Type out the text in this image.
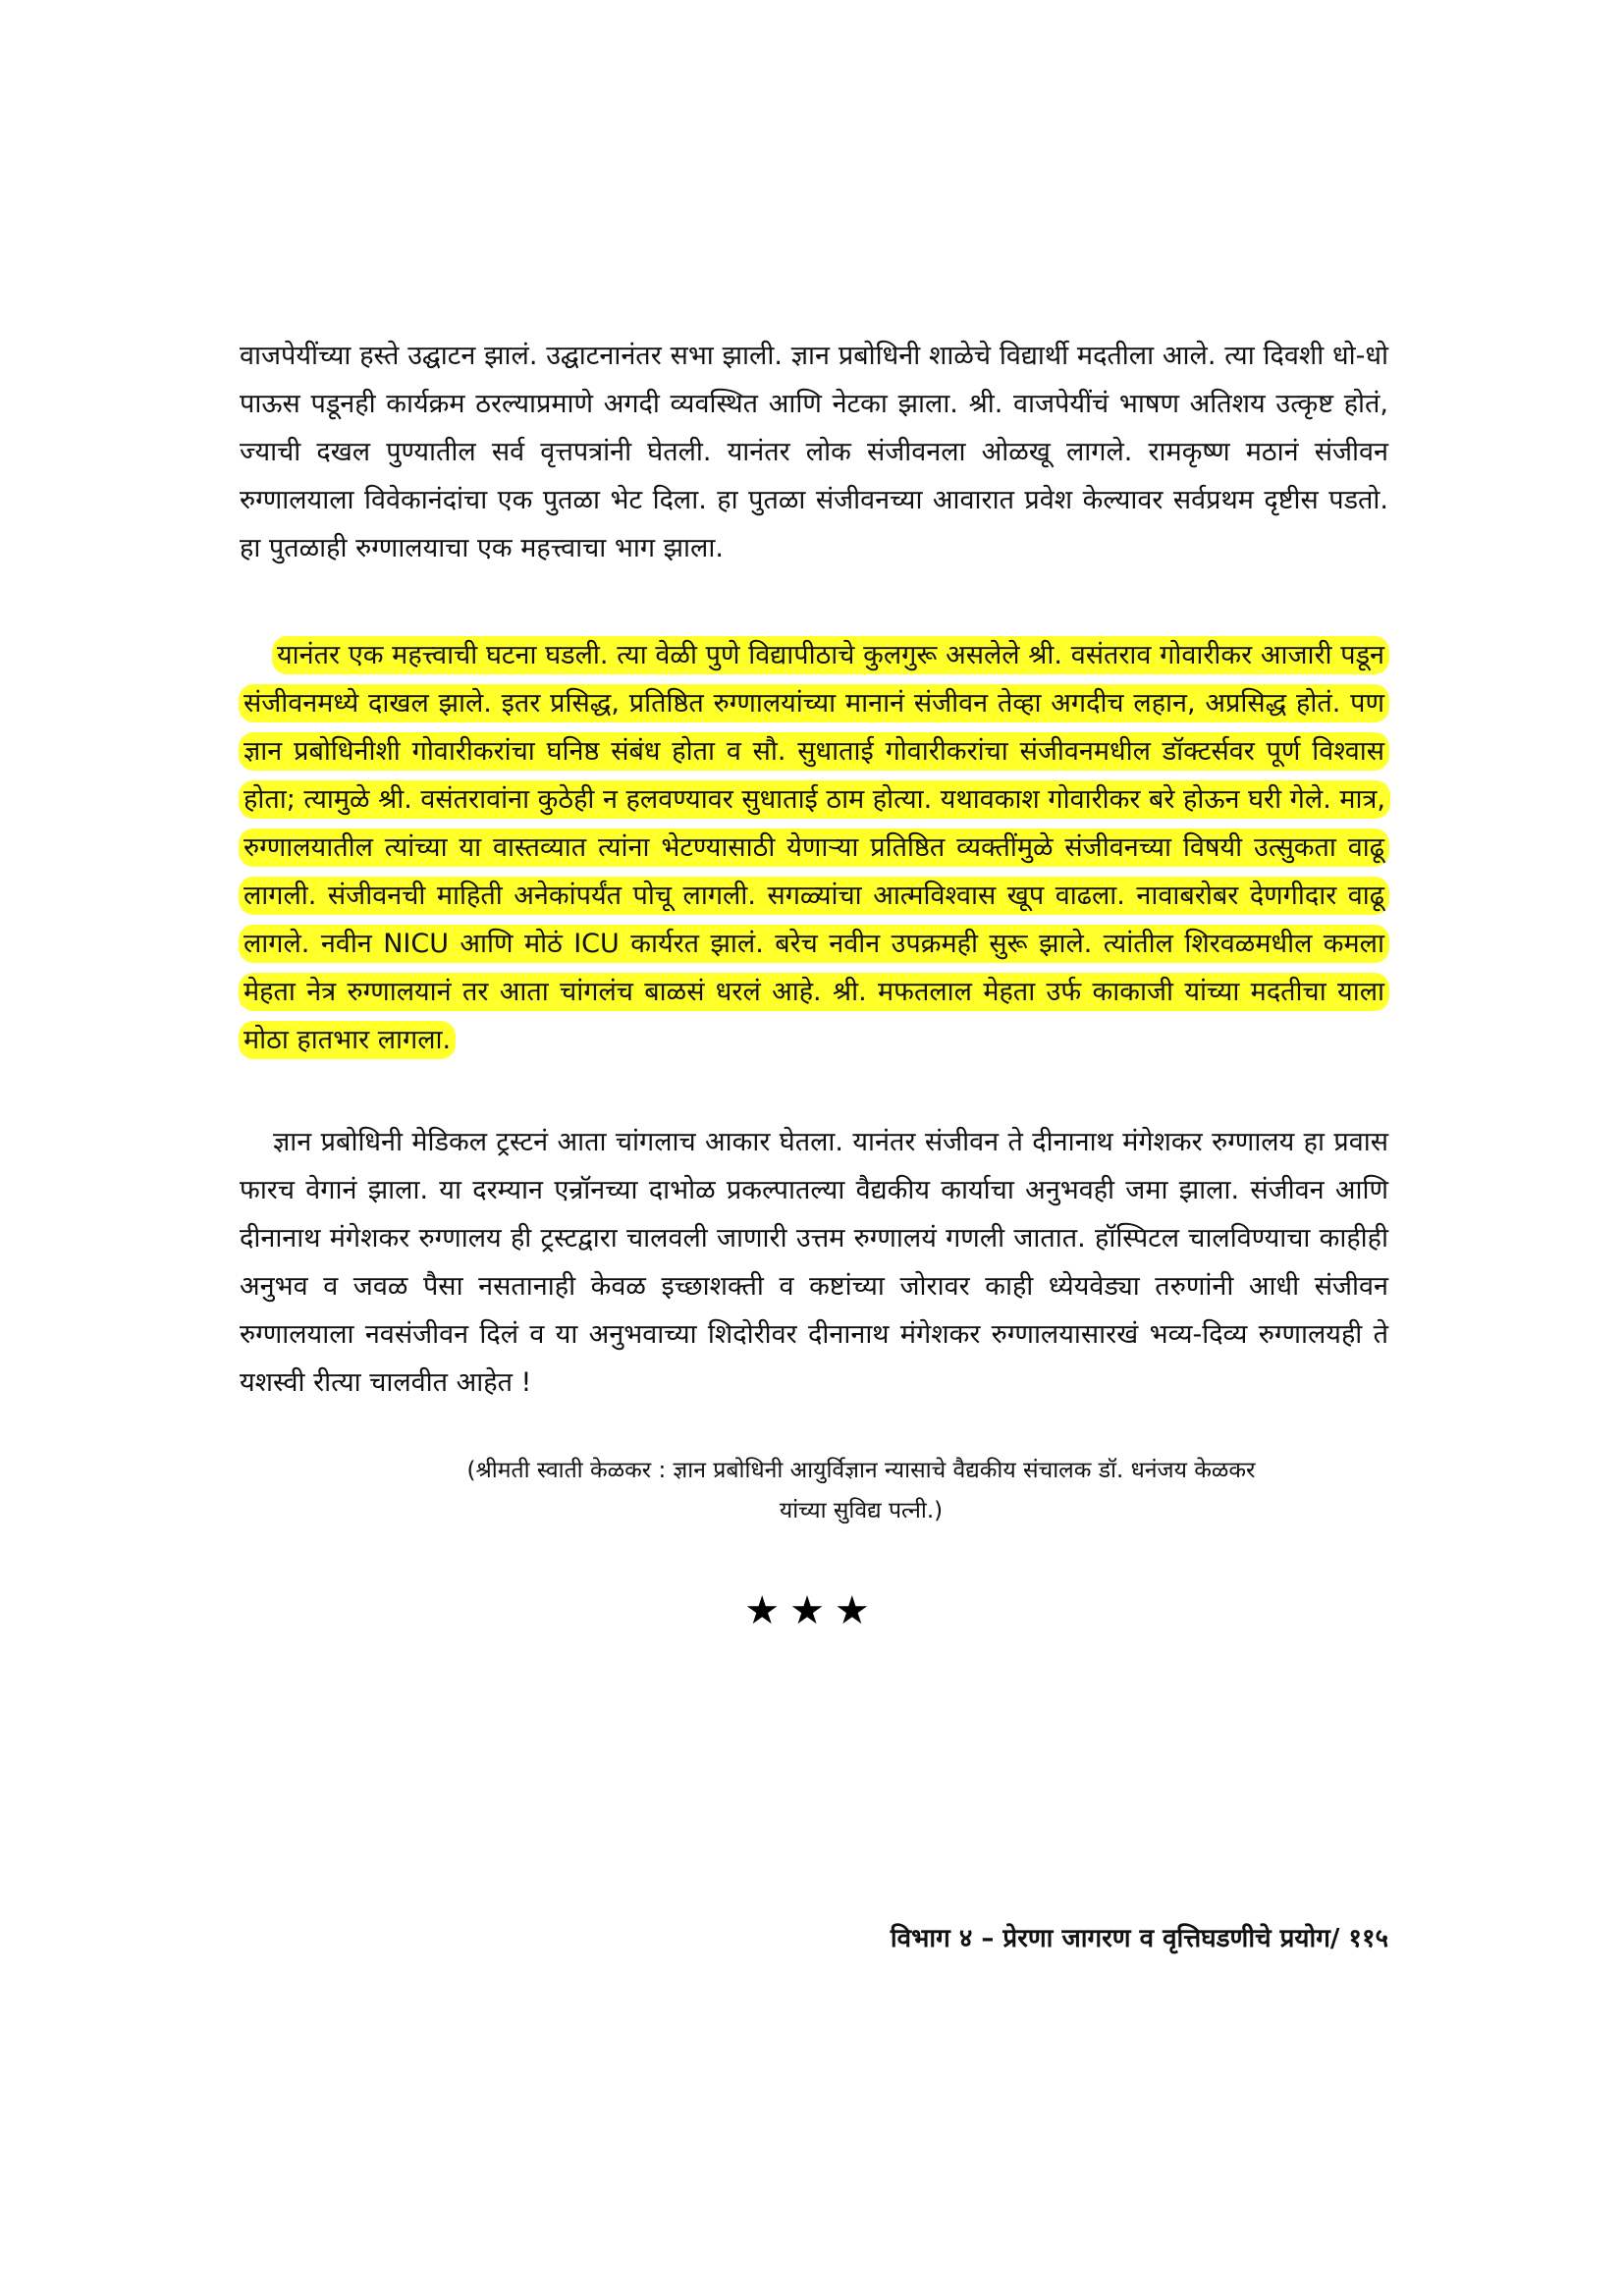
वाजपेयींच्या हस्ते उद्घाटन झालं. उद्घाटनानंतर सभा झाली. ज्ञान प्रबोधिनी शाळेचे विद्यार्थी मदतीला आले. त्या दिवशी धो-धो पाऊस पडूनही कार्यक्रम ठरल्याप्रमाणे अगदी व्यवस्थित आणि नेटका झाला. श्री. वाजपेयींचं भाषण अतिशय उत्कृष्ट होतं, ज्याची दखल पुण्यातील सर्व वृत्तपत्रांनी घेतली. यानंतर लोक संजीवनला ओळखू लागले. रामकृष्ण मठानं संजीवन रुग्णालयाला विवेकानंदांचा एक पुतळा भेट दिला. हा पुतळा संजीवनच्या आवारात प्रवेश केल्यावर सर्वप्रथम दृष्टीस पडतो. हा पुतळाही रुग्णालयाचा एक महत्त्वाचा भाग झाला.
यानंतर एक महत्त्वाची घटना घडली. त्या वेळी पुणे विद्यापीठाचे कुलगुरू असलेले श्री. वसंतराव गोवारीकर आजारी पडून संजीवनमध्ये दाखल झाले. इतर प्रसिद्ध, प्रतिष्ठित रुग्णालयांच्या मानानं संजीवन तेव्हा अगदीच लहान, अप्रसिद्ध होतं. पण ज्ञान प्रबोधिनीशी गोवारीकरांचा घनिष्ठ संबंध होता व सौ. सुधाताई गोवारीकरांचा संजीवनमधील डॉक्टर्सवर पूर्ण विश्वास होता; त्यामुळे श्री. वसंतरावांना कुठेही न हलवण्यावर सुधाताई ठाम होत्या. यथावकाश गोवारीकर बरे होऊन घरी गेले. मात्र, रुग्णालयातील त्यांच्या या वास्तव्यात त्यांना भेटण्यासाठी येणाऱ्या प्रतिष्ठित व्यक्तींमुळे संजीवनच्या विषयी उत्सुकता वाढू लागली. संजीवनची माहिती अनेकांपर्यंत पोचू लागली. सगळ्यांचा आत्मविश्वास खूप वाढला. नावाबरोबर देणगीदार वाढू लागले. नवीन NICU आणि मोठं ICU कार्यरत झालं. बरेच नवीन उपक्रमही सुरू झाले. त्यांतील शिरवळमधील कमला मेहता नेत्र रुग्णालयानं तर आता चांगलंच बाळसं धरलं आहे. श्री. मफतलाल मेहता उर्फ काकाजी यांच्या मदतीचा याला मोठा हातभार लागला.
ज्ञान प्रबोधिनी मेडिकल ट्रस्टनं आता चांगलाच आकार घेतला. यानंतर संजीवन ते दीनानाथ मंगेशकर रुग्णालय हा प्रवास फारच वेगानं झाला. या दरम्यान एन्रॉनच्या दाभोळ प्रकल्पातल्या वैद्यकीय कार्याचा अनुभवही जमा झाला. संजीवन आणि दीनानाथ मंगेशकर रुग्णालय ही ट्रस्टद्वारा चालवली जाणारी उत्तम रुग्णालयं गणली जातात. हॉस्पिटल चालविण्याचा काहीही अनुभव व जवळ पैसा नसतानाही केवळ इच्छाशक्ती व कष्टांच्या जोरावर काही ध्येयवेड्या तरुणांनी आधी संजीवन रुग्णालयाला नवसंजीवन दिलं व या अनुभवाच्या शिदोरीवर दीनानाथ मंगेशकर रुग्णालयासारखं भव्य-दिव्य रुग्णालयही ते यशस्वी रीत्या चालवीत आहेत !
(श्रीमती स्वाती केळकर : ज्ञान प्रबोधिनी आयुर्विज्ञान न्यासाचे वैद्यकीय संचालक डॉ. धनंजय केळकर
यांच्या सुविद्य पत्नी.)
★★★
विभाग ४ – प्रेरणा जागरण व वृत्तिघडणीचे प्रयोग/ ११५
